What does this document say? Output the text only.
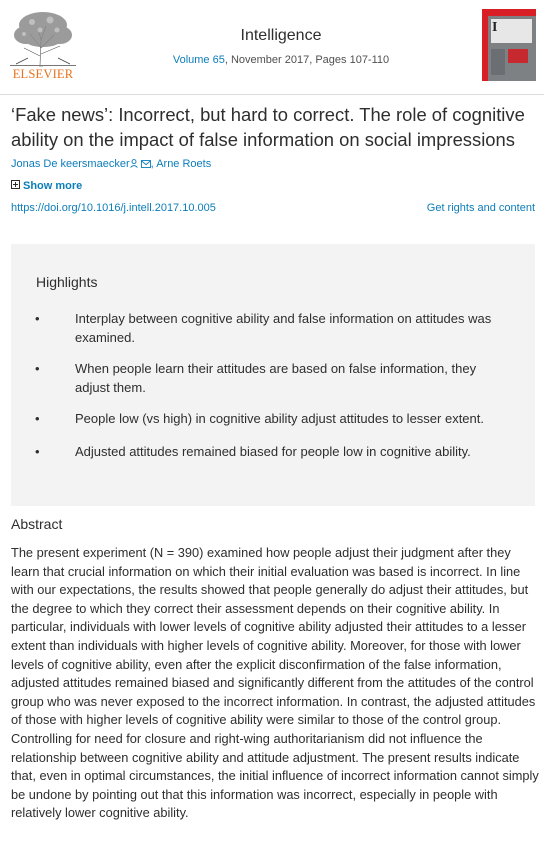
ELSEVIER
Intelligence
Volume 65, November 2017, Pages 107-110
I
‘Fake news’: Incorrect, but hard to correct. The role of cognitive ability on the impact of false information on social impressions
Jonas De keersmaecker , Arne Roets
Show more
https://doi.org/10.1016/j.intell.2017.10.005	Get rights and content
Highlights
•	Interplay between cognitive ability and false information on attitudes was examined.
•	When people learn their attitudes are based on false information, they adjust them.
•	People low (vs high) in cognitive ability adjust attitudes to lesser extent.
•	Adjusted attitudes remained biased for people low in cognitive ability.
Abstract

The present experiment (N = 390) examined how people adjust their judgment after they learn that crucial information on which their initial evaluation was based is incorrect. In line with our expectations, the results showed that people generally do adjust their attitudes, but the degree to which they correct their assessment depends on their cognitive ability. In particular, individuals with lower levels of cognitive ability adjusted their attitudes to a lesser extent than individuals with higher levels of cognitive ability. Moreover, for those with lower levels of cognitive ability, even after the explicit disconfirmation of the false information, adjusted attitudes remained biased and significantly different from the attitudes of the control group who was never exposed to the incorrect information. In contrast, the adjusted attitudes of those with higher levels of cognitive ability were similar to those of the control group. Controlling for need for closure and right-wing authoritarianism did not influence the relationship between cognitive ability and attitude adjustment. The present results indicate that, even in optimal circumstances, the initial influence of incorrect information cannot simply be undone by pointing out that this information was incorrect, especially in people with relatively lower cognitive ability.
